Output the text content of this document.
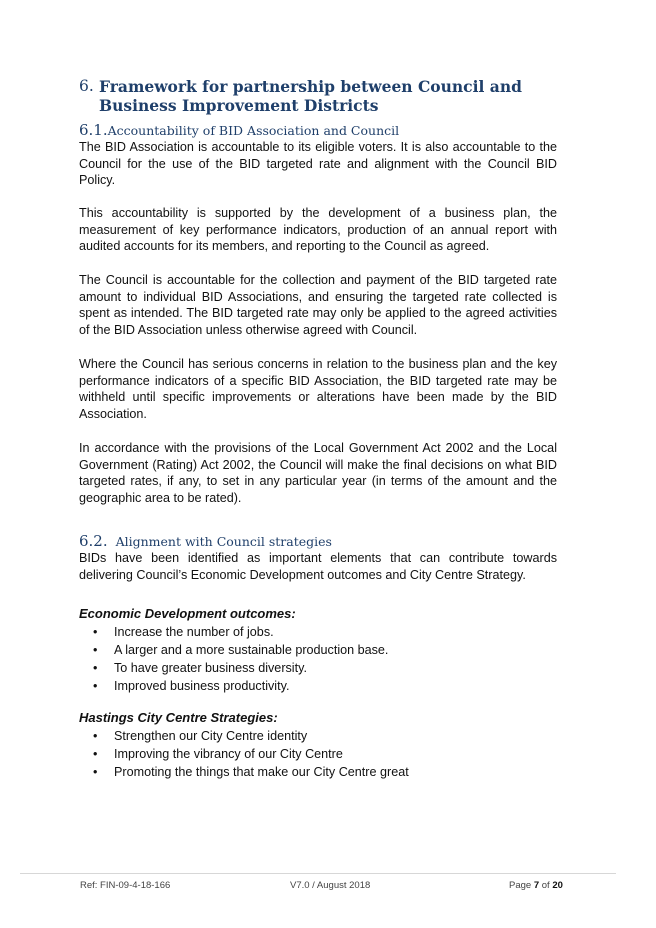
6. Framework for partnership between Council and Business Improvement Districts
6.1.Accountability of BID Association and Council

The BID Association is accountable to its eligible voters. It is also accountable to the Council for the use of the BID targeted rate and alignment with the Council BID Policy.

This accountability is supported by the development of a business plan, the measurement of key performance indicators, production of an annual report with audited accounts for its members, and reporting to the Council as agreed.

The Council is accountable for the collection and payment of the BID targeted rate amount to individual BID Associations, and ensuring the targeted rate collected is spent as intended. The BID targeted rate may only be applied to the agreed activities of the BID Association unless otherwise agreed with Council.

Where the Council has serious concerns in relation to the business plan and the key performance indicators of a specific BID Association, the BID targeted rate may be withheld until specific improvements or alterations have been made by the BID Association.

In accordance with the provisions of the Local Government Act 2002 and the Local Government (Rating) Act 2002, the Council will make the final decisions on what BID targeted rates, if any, to set in any particular year (in terms of the amount and the geographic area to be rated).

6.2. Alignment with Council strategies

BIDs have been identified as important elements that can contribute towards delivering Council’s Economic Development outcomes and City Centre Strategy.

Economic Development outcomes:
• Increase the number of jobs.
• A larger and a more sustainable production base.
• To have greater business diversity.
• Improved business productivity.
Hastings City Centre Strategies:
• Strengthen our City Centre identity
• Improving the vibrancy of our City Centre
• Promoting the things that make our City Centre great
Ref: FIN-09-4-18-166	V7.0 / August 2018	Page 7 of 20
